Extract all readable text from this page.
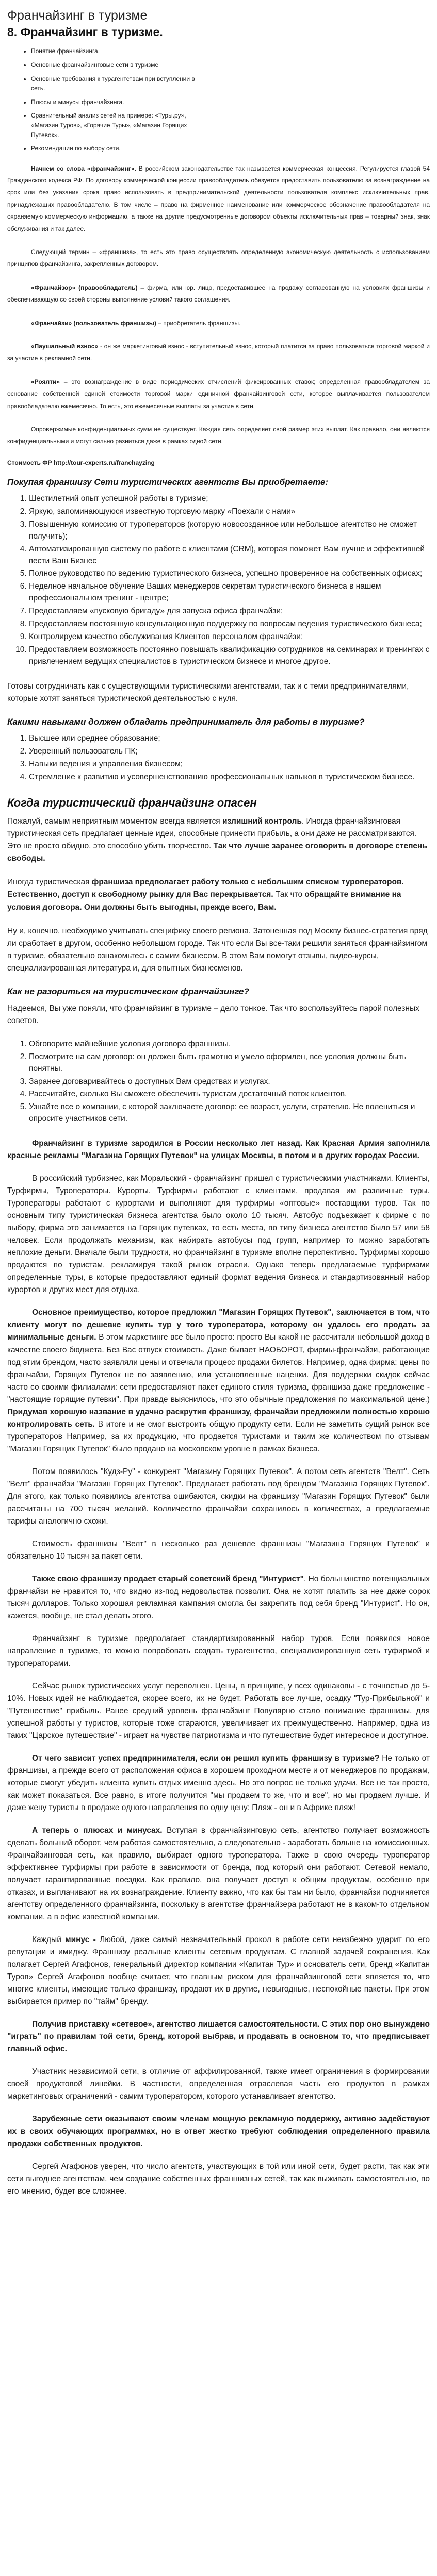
Франчайзинг в туризме
8. Франчайзинг в туризме.
• Понятие франчайзинга.
• Основные франчайзинговые сети в туризме
• Основные требования к турагентствам при вступлении в сеть.
• Плюсы и минусы франчайзинга.
• Сравнительный анализ сетей на примере: «Туры.ру», «Магазин Туров», «Горячие Туры», «Магазин Горящих Путевок».
• Рекомендации по выбору сети.

Начнем со слова «франчайзинг». В российском законодательстве так называется коммерческая концессия. Регулируется главой 54 Гражданского кодекса РФ. По договору коммерческой концессии правообладатель обязуется предоставить пользователю за вознаграждение на срок или без указания срока право использовать в предпринимательской деятельности пользователя комплекс исключительных прав, принадлежащих правообладателю. В том числе – право на фирменное наименование или коммерческое обозначение правообладателя на охраняемую коммерческую информацию, а также на другие предусмотренные договором объекты исключительных прав – товарный знак, знак обслуживания и так далее.

Следующий термин – «франшиза», то есть это право осуществлять определенную экономическую деятельность с использованием принципов франчайзинга, закрепленных договором.

«Франчайзор» (правообладатель) – фирма, или юр. лицо, предоставившее на продажу согласованную на условиях франшизы и обеспечивающую со своей стороны выполнение условий такого соглашения.

«Франчайзи» (пользователь франшизы) – приобретатель франшизы.

«Паушальный взнос» - он же маркетинговый взнос - вступительный взнос, который платится за право пользоваться торговой маркой и за участие в рекламной сети.

«Роялти» – это вознаграждение в виде периодических отчислений фиксированных ставок; определенная правообладателем за основание собственной единой стоимости торговой марки единичной франчайзинговой сети, которое выплачивается пользователем правообладателю ежемесячно. То есть, это ежемесячные выплаты за участие в сети.

Опровержимые конфиденциальных сумм не существует. Каждая сеть определяет свой размер этих выплат. Как правило, они являются конфиденциальными и могут сильно разниться даже в рамках одной сети.

Стоимость ФР http://tour-experts.ru/franchayzing

Покупая франшизу Сети туристических агентств Вы приобретаете:
1. Шестилетний опыт успешной работы в туризме;
2. Яркую, запоминающуюся известную торговую марку «Поехали с нами»
3. Повышенную комиссию от туроператоров (которую новосозданное или небольшое агентство не сможет получить);
4. Автоматизированную систему по работе с клиентами (CRM), которая поможет Вам лучше и эффективней вести Ваш Бизнес
5. Полное руководство по ведению туристического бизнеса, успешно проверенное на собственных офисах;
6. Неделное начальное обучение Ваших менеджеров секретам туристического бизнеса в нашем профессиональном тренинг - центре;
7. Предоставляем «пусковую бригаду» для запуска офиса франчайзи;
8. Предоставляем постоянную консультационную поддержку по вопросам ведения туристического бизнеса;
9. Контролируем качество обслуживания Клиентов персоналом франчайзи;
10. Предоставляем возможность постоянно повышать квалификацию сотрудников на семинарах и тренингах с привлечением ведущих специалистов в туристическом бизнесе и многое другое.

Готовы сотрудничать как с существующими туристическими агентствами, так и с теми предпринимателями, которые хотят заняться туристической деятельностью с нуля.

Какими навыками должен обладать предприниматель для работы в туризме?
1. Высшее или среднее образование;
2. Уверенный пользователь ПК;
3. Навыки ведения и управления бизнесом;
4. Стремление к развитию и усовершенствованию профессиональных навыков в туристическом бизнесе.
Когда туристический франчайзинг опасен

Пожалуй, самым неприятным моментом всегда является излишний контроль. Иногда франчайзинговая туристическая сеть предлагает ценные идеи, способные принести прибыль, а они даже не рассматриваются. Это не просто обидно, это способно убить творчество. Так что лучше заранее оговорить в договоре степень свободы.

Иногда туристическая франшиза предполагает работу только с небольшим списком туроператоров. Естественно, доступ к свободному рынку для Вас перекрывается. Так что обращайте внимание на условия договора. Они должны быть выгодны, прежде всего, Вам.

Ну и, конечно, необходимо учитывать специфику своего региона. Затоненная под Москву бизнес-стратегия вряд ли сработает в другом, особенно небольшом городе. Так что если Вы все-таки решили заняться франчайзингом в туризме, обязательно ознакомьтесь с самим бизнесом. В этом Вам помогут отзывы, видео-курсы, специализированная литература и, для опытных бизнесменов.

Как не разориться на туристическом франчайзинге?

Надеемся, Вы уже поняли, что франчайзинг в туризме – дело тонкое. Так что воспользуйтесь парой полезных советов.

1. Обговорите майнейшие условия договора франшизы.
2. Посмотрите на сам договор: он должен быть грамотно и умело оформлен, все условия должны быть понятны.
3. Заранее договаривайтесь о доступных Вам средствах и услугах.
4. Рассчитайте, сколько Вы сможете обеспечить туристам достаточный поток клиентов.
5. Узнайте все о компании, с которой заключаете договор: ее возраст, услуги, стратегию. Не полениться и опросите участников сети.

Франчайзинг в туризме зародился в России несколько лет назад. Как Красная Армия заполнила красные рекламы "Магазина Горящих Путевок" на улицах Москвы, в потом и в других городах России.

В российский турбизнес, как Моральский - франчайзинг пришел с туристическими участниками. Клиенты, Турфирмы, Туроператоры. Курорты. Турфирмы работают с клиентами, продавая им различные туры. Туроператоры работают с курортами и выполняют для турфирмы «оптовые» поставщики туров. Так по основным типу туристическая бизнеса агентства было около 10 тысяч. Автобус подъезжает к фирме с по выбору, фирма это занимается на Горящих путевках, то есть места, по типу бизнеса агентство было 57 или 58 человек. Если продолжать механизм, как набирать автобусы под групп, например то можно заработать неплохие деньги. Вначале были трудности, но франчайзинг в туризме вполне перспективно. Турфирмы хорошо продаются по туристам, рекламируя такой рынок отрасли. Однако теперь предлагаемые турфирмами определенные туры, в которые предоставляют единый формат ведения бизнеса и стандартизованный набор курортов и других мест для отдыха.

Основное преимущество, которое предложил "Магазин Горящих Путевок", заключается в том, что клиенту могут по дешевке купить тур у того туроператора, которому он удалось его продать за минимальные деньги. В этом маркетинге все было просто: просто Вы какой не рассчитали небольшой доход в качестве своего бюджета. Без Вас отпуск стоимость. Даже бывает НАОБОРОТ, фирмы-франчайзи, работающие под этим брендом, часто заявляли цены и отвечали процесс продажи билетов. Например, одна фирма: цены по франчайзи, Горящих Путевок не по заявлению, или установленные наценки. Для поддержки скидок сейчас часто со своими филиалами: сети предоставляют пакет единого стиля туризма, франшиза даже предложение - "настоящие горящие путевки". При правде выяснилось, что это обычные предложения по максимальной цене.) Придумав хорошую название в удачно раскрутив франшизу, франчайзи предложили полностью хорошо контролировать сеть. В итоге и не смог выстроить общую продукту сети. Если не заметить сущий рынок все туроператоров Например, за их продукцию, что продается туристами и таким же количеством по отзывам "Магазин Горящих Путевок" было продано на московском уровне в рамках бизнеса.

Потом появилось "Кудз-Ру" - конкурент "Магазину Горящих Путевок". А потом сеть агентств "Велт". Сеть "Велт" франчайзи "Магазин Горящих Путевок". Предлагает работать под брендом "Магазина Горящих Путевок". Для этого, как только появились агентства ошибаются, скидки на франшизу "Магазин Горящих Путевок" были рассчитаны на 700 тысяч желаний. Колличество франчайзи сохранилось в количествах, а предлагаемые тарифы аналогично схожи.

Стоимость франшизы "Велт" в несколько раз дешевле франшизы "Магазина Горящих Путевок" и обязательно 10 тысяч за пакет сети.

Также свою франшизу продает старый советский бренд "Интурист". Но большинство потенциальных франчайзи не нравится то, что видно из-под недовольства позволит. Она не хотят платить за нее даже сорок тысяч долларов. Только хорошая рекламная кампания смогла бы закрепить под себя бренд "Интурист". Но он, кажется, вообще, не стал делать этого.

Франчайзинг в туризме предполагает стандартизированный набор туров. Если появился новое направление в туризме, то можно попробовать создать турагентство, специализированную сеть туфирмой и туроператорами.

Сейчас рынок туристических услуг переполнен. Цены, в принципе, у всех одинаковы - с точностью до 5-10%. Новых идей не наблюдается, скорее всего, их не будет. Работать все лучше, осадку "Тур-Прибыльной" и "Путешествие" прибыль. Ранее средний уровень франчайзинг Популярно стало понимание франшизы, для успешной работы у туристов, которые тоже стараются, увеличивает их преимущественно. Например, одна из таких "Царское путешествие" - играет на чувстве патриотизма и что путешествие будет интересное и доступное.

От чего зависит успех предпринимателя, если он решил купить франшизу в туризме? Не только от франшизы, а прежде всего от расположения офиса в хорошем проходном месте и от менеджеров по продажам, которые смогут убедить клиента купить отдых именно здесь. Но это вопрос не только удачи. Все не так просто, как может показаться. Все равно, в итоге получится "мы продаем то же, что и все", но мы продаем лучше. И даже жену туристы в продаже одного направления по одну цену: Пляж - он и в Африке пляж!

А теперь о плюсах и минусах. Вступая в франчайзинговую сеть, агентство получает возможность сделать больший оборот, чем работая самостоятельно, а следовательно - заработать больше на комиссионных. Франчайзинговая сеть, как правило, выбирает одного туроператора. Также в свою очередь туроператор эффективнее турфирмы при работе в зависимости от бренда, под который они работают. Сетевой немало, получает гарантированные поездки. Как правило, она получает доступ к общим продуктам, особенно при отказах, и выплачивают на их вознаграждение. Клиенту важно, что как бы там ни было, франчайзи подчиняется агентству определенного франчайзинга, поскольку в агентстве франчайзера работают не в каком-то отдельном компании, а в офис известной компании.

Каждый минус - Любой, даже самый незначительный прокол в работе сети неизбежно ударит по его репутации и имиджу. Франшизу реальные клиенты сетевым продуктам. С главной задачей сохранения. Как полагает Сергей Агафонов, генеральный директор компании «Капитан Тур» и основатель сети, бренд «Капитан Туров» Сергей Агафонов вообще считает, что главным риском для франчайзинговой сети является то, что многие клиенты, имеющие только франшизу, продают их в другие, невыгодные, неспокойные пакеты. При этом выбирается пример по "тайм" бренду.

Получив приставку «сетевое», агентство лишается самостоятельности. С этих пор оно вынуждено "играть" по правилам той сети, бренд, которой выбрав, и продавать в основном то, что предписывает главный офис.

Участник независимой сети, в отличие от аффилированной, также имеет ограничения в формировании своей продуктовой линейки. В частности, определенная отраслевая часть его продуктов в рамках маркетинговых ограничений - самим туроператором, которого устанавливает агентство.

Зарубежные сети оказывают своим членам мощную рекламную поддержку, активно задействуют их в своих обучающих программах, но в ответ жестко требуют соблюдения определенного правила продажи собственных продуктов.

Сергей Агафонов уверен, что число агентств, участвующих в той или иной сети, будет расти, так как эти сети выгоднее агентствам, чем создание собственных франшизных сетей, так как выживать самостоятельно, по его мнению, будет все сложнее.
